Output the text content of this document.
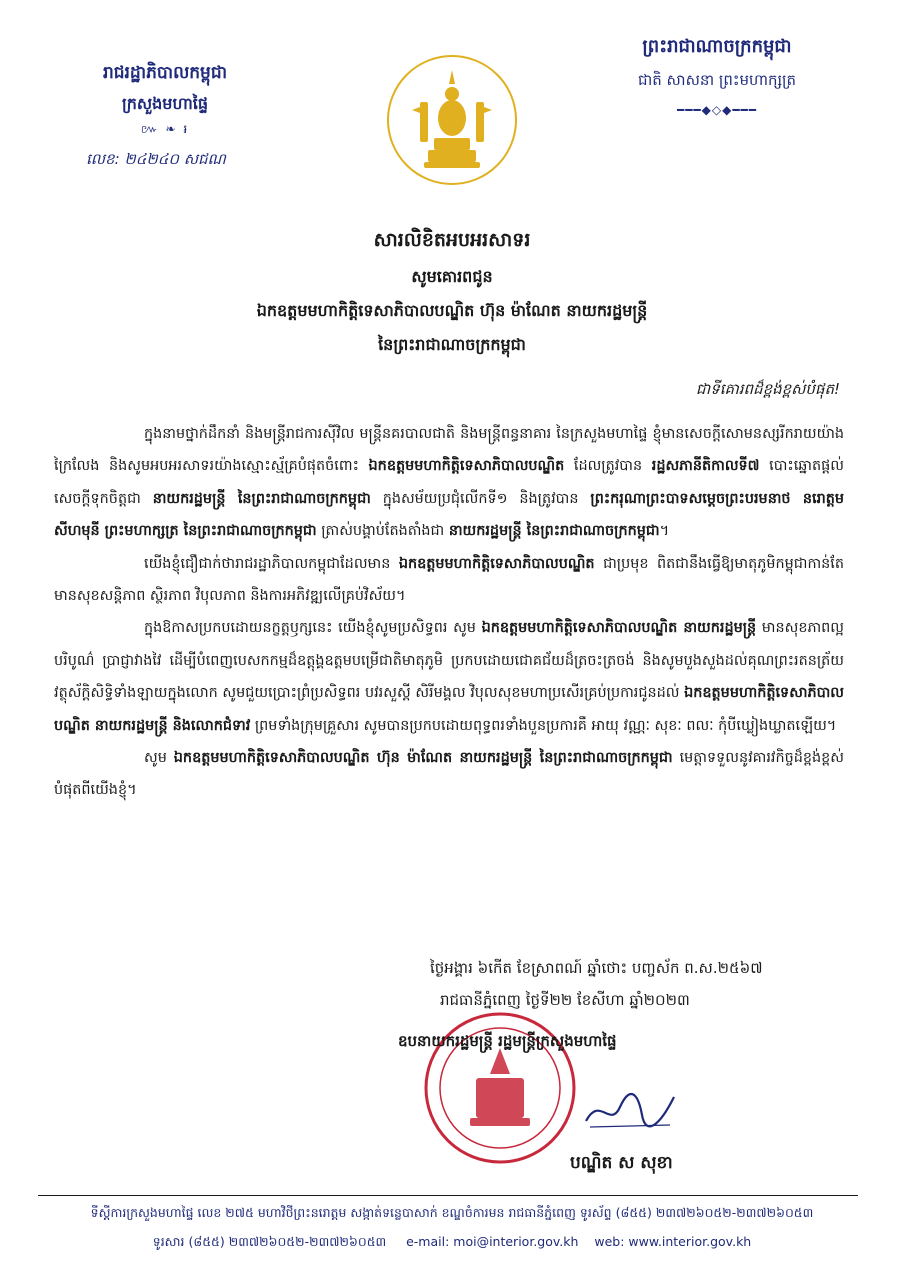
រាជរដ្ឋាភិបាលកម្ពុជា
ក្រសួងមហាផ្ទៃ
៚ ❧ ៛
លេខ: ២៤២៤០ សជណ
ព្រះរាជាណាចក្រកម្ពុជា
ជាតិ សាសនា ព្រះមហាក្សត្រ
━━━◆◇◆━━━
សារលិខិតអបអរសាទរ
សូមគោរពជូន
ឯកឧត្តមមហាកិត្តិទេសាភិបាលបណ្ឌិត ហ៊ុន ម៉ាណែត នាយករដ្ឋមន្ត្រី
នៃព្រះរាជាណាចក្រកម្ពុជា
ជាទីគោរពដ៏ខ្ពង់ខ្ពស់បំផុត!

ក្នុងនាមថ្នាក់ដឹកនាំ និងមន្ត្រីរាជការស៊ីវិល មន្ត្រីនគរបាលជាតិ និងមន្ត្រីពន្ធនាគារ នៃក្រសួងមហាផ្ទៃ ខ្ញុំមានសេចក្តីសោមនស្សរីករាយយ៉ាងក្រៃលែង និងសូមអបអរសាទរយ៉ាងស្មោះស្ម័គ្របំផុតចំពោះ ឯកឧត្តមមហាកិត្តិទេសាភិបាលបណ្ឌិត ដែលត្រូវបាន រដ្ឋសភានីតិកាលទី៧ បោះឆ្នោតផ្តល់សេចក្តីទុកចិត្តជា នាយករដ្ឋមន្ត្រី នៃព្រះរាជាណាចក្រកម្ពុជា ក្នុងសម័យប្រជុំលើកទី១ និងត្រូវបាន ព្រះករុណាព្រះបាទសម្តេចព្រះបរមនាថ នរោត្តម សីហមុនី ព្រះមហាក្សត្រ នៃព្រះរាជាណាចក្រកម្ពុជា ត្រាស់បង្គាប់តែងតាំងជា នាយករដ្ឋមន្ត្រី នៃព្រះរាជាណាចក្រកម្ពុជា។

យើងខ្ញុំជឿជាក់ថារាជរដ្ឋាភិបាលកម្ពុជាដែលមាន ឯកឧត្តមមហាកិត្តិទេសាភិបាលបណ្ឌិត ជាប្រមុខ ពិតជានឹងធ្វើឱ្យមាតុភូមិកម្ពុជាកាន់តែមានសុខសន្តិភាព ស្ថិរភាព វិបុលភាព និងការអភិវឌ្ឍលើគ្រប់វិស័យ។

ក្នុងឱកាសប្រកបដោយនក្ខត្តឫក្សនេះ យើងខ្ញុំសូមប្រសិទ្ធពរ សូម ឯកឧត្តមមហាកិត្តិទេសាភិបាលបណ្ឌិត នាយករដ្ឋមន្ត្រី មានសុខភាពល្អបរិបូណ៌ ប្រាជ្ញាវាងវៃ ដើម្បីបំពេញបេសកកម្មដ៏ឧត្តុង្គឧត្តមបម្រើជាតិមាតុភូមិ ប្រកបដោយជោគជ័យដ៏ត្រចះត្រចង់ និងសូមបួងសួងដល់គុណព្រះរតនត្រ័យ វត្ថុស័ក្តិសិទ្ធិទាំងឡាយក្នុងលោក សូមជួយប្រោះព្រំប្រសិទ្ធពរ បវរសួស្តី សិរីមង្គល វិបុលសុខមហាប្រសើរគ្រប់ប្រការជូនដល់ ឯកឧត្តមមហាកិត្តិទេសាភិបាលបណ្ឌិត នាយករដ្ឋមន្ត្រី និងលោកជំទាវ ព្រមទាំងក្រុមគ្រួសារ សូមបានប្រកបដោយពុទ្ធពរទាំងបួនប្រការគឺ អាយុ វណ្ណៈ សុខៈ ពលៈ កុំបីឃ្លៀងឃ្លាតឡើយ។

សូម ឯកឧត្តមមហាកិត្តិទេសាភិបាលបណ្ឌិត ហ៊ុន ម៉ាណែត នាយករដ្ឋមន្ត្រី នៃព្រះរាជាណាចក្រកម្ពុជា មេត្តាទទួលនូវគារវកិច្ចដ៏ខ្ពង់ខ្ពស់បំផុតពីយើងខ្ញុំ។

ថ្ងៃអង្គារ ៦កើត ខែស្រាពណ៍ ឆ្នាំថោះ បញ្ចស័ក ព.ស.២៥៦៧
រាជធានីភ្នំពេញ ថ្ងៃទី២២ ខែសីហា ឆ្នាំ២០២៣
ឧបនាយករដ្ឋមន្ត្រី រដ្ឋមន្ត្រីក្រសួងមហាផ្ទៃ
បណ្ឌិត ស សុខា
ទីស្តីការក្រសួងមហាផ្ទៃ លេខ ២៧៥ មហាវិថីព្រះនរោត្តម សង្កាត់ទន្លេបាសាក់ ខណ្ឌចំការមន រាជធានីភ្នំពេញ ទូរស័ព្ទ (៨៥៥) ២៣៧២៦០៥២-២៣៧២៦០៥៣
ទូរសារ (៨៥៥) ២៣៧២៦០៥២-២៣៧២៦០៥៣ e-mail: moi@interior.gov.kh web: www.interior.gov.kh
